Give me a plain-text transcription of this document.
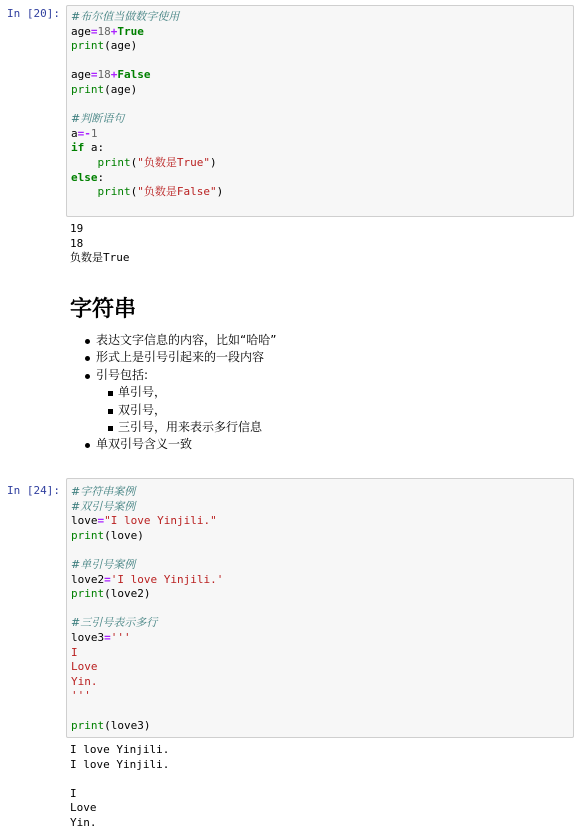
In [20]: #布尔值当做数字使用
age=18+True
print(age)
age=18+False
print(age)
#判断语句
a=-1
if a:
print("负数是True")
else:
print("负数是False")
19
18
负数是True
字符串
表达文字信息的内容，比如“哈哈”
形式上是引号引起来的一段内容
引号包括:
单引号，
双引号，
三引号，用来表示多行信息
单双引号含义一致
In [24]: #字符串案例
#双引号案例
love="I love Yinjili."
print(love)
#单引号案例
love2='I love Yinjili.'
print(love2)
#三引号表示多行
love3='''
I
Love
Yin.
'''
print(love3)
I love Yinjili.
I love Yinjili.
I
Love
Yin.
